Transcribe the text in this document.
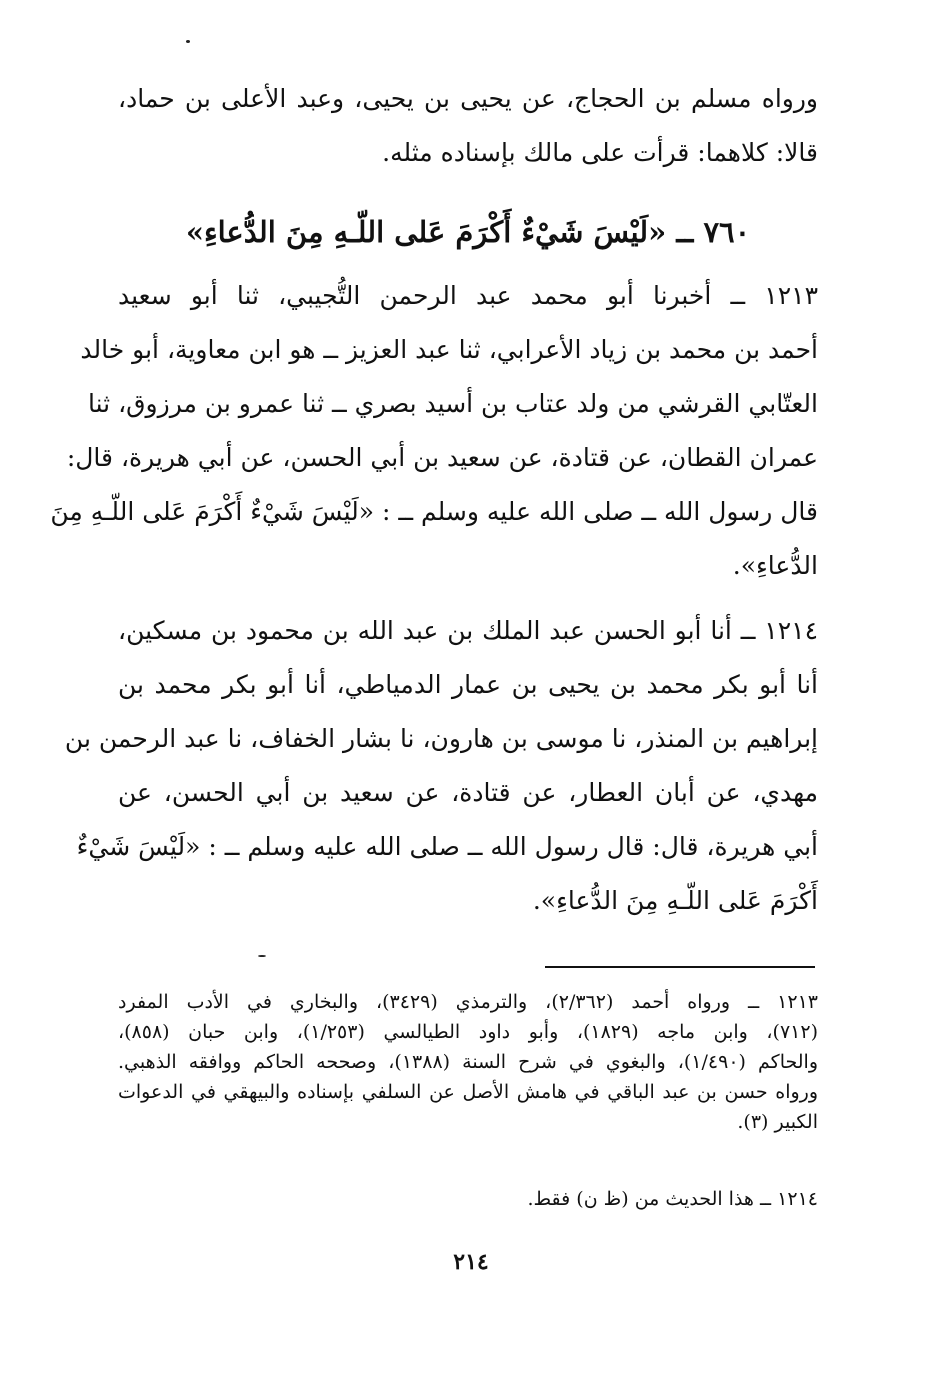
ورواه مسلم بن الحجاج، عن يحيى بن يحيى، وعبد الأعلى بن حماد،
قالا: كلاهما: قرأت على مالك بإسناده مثله.
٧٦٠ ــ «لَيْسَ شَيْءٌ أَكْرَمَ عَلى اللّـهِ مِنَ الدُّعاءِ»
١٢١٣ ــ أخبرنا أبو محمد عبد الرحمن التُّجيبي، ثنا أبو سعيد
أحمد بن محمد بن زياد الأعرابي، ثنا عبد العزيز ــ هو ابن معاوية، أبو خالد
العتّابي القرشي من ولد عتاب بن أسيد بصري ــ ثنا عمرو بن مرزوق، ثنا
عمران القطان، عن قتادة، عن سعيد بن أبي الحسن، عن أبي هريرة، قال:
قال رسول الله ــ صلى الله عليه وسلم ــ : «لَيْسَ شَيْءٌ أَكْرَمَ عَلى اللّـهِ مِنَ
الدُّعاءِ».
١٢١٤ ــ أنا أبو الحسن عبد الملك بن عبد الله بن محمود بن مسكين،
أنا أبو بكر محمد بن يحيى بن عمار الدمياطي، أنا أبو بكر محمد بن
إبراهيم بن المنذر، نا موسى بن هارون، نا بشار الخفاف، نا عبد الرحمن بن
مهدي، عن أبان العطار، عن قتادة، عن سعيد بن أبي الحسن، عن
أبي هريرة، قال: قال رسول الله ــ صلى الله عليه وسلم ــ : «لَيْسَ شَيْءٌ
أَكْرَمَ عَلى اللّـهِ مِنَ الدُّعاءِ».
١٢١٣ ــ ورواه أحمد (٢/٣٦٢)، والترمذي (٣٤٢٩)، والبخاري في الأدب المفرد
(٧١٢)، وابن ماجه (١٨٢٩)، وأبو داود الطيالسي (١/٢٥٣)، وابن حبان (٨٥٨)،
والحاكم (١/٤٩٠)، والبغوي في شرح السنة (١٣٨٨)، وصححه الحاكم ووافقه الذهبي.
ورواه حسن بن عبد الباقي في هامش الأصل عن السلفي بإسناده والبيهقي في الدعوات
الكبير (٣).
١٢١٤ ــ هذا الحديث من (ظ ن) فقط.
٢١٤
